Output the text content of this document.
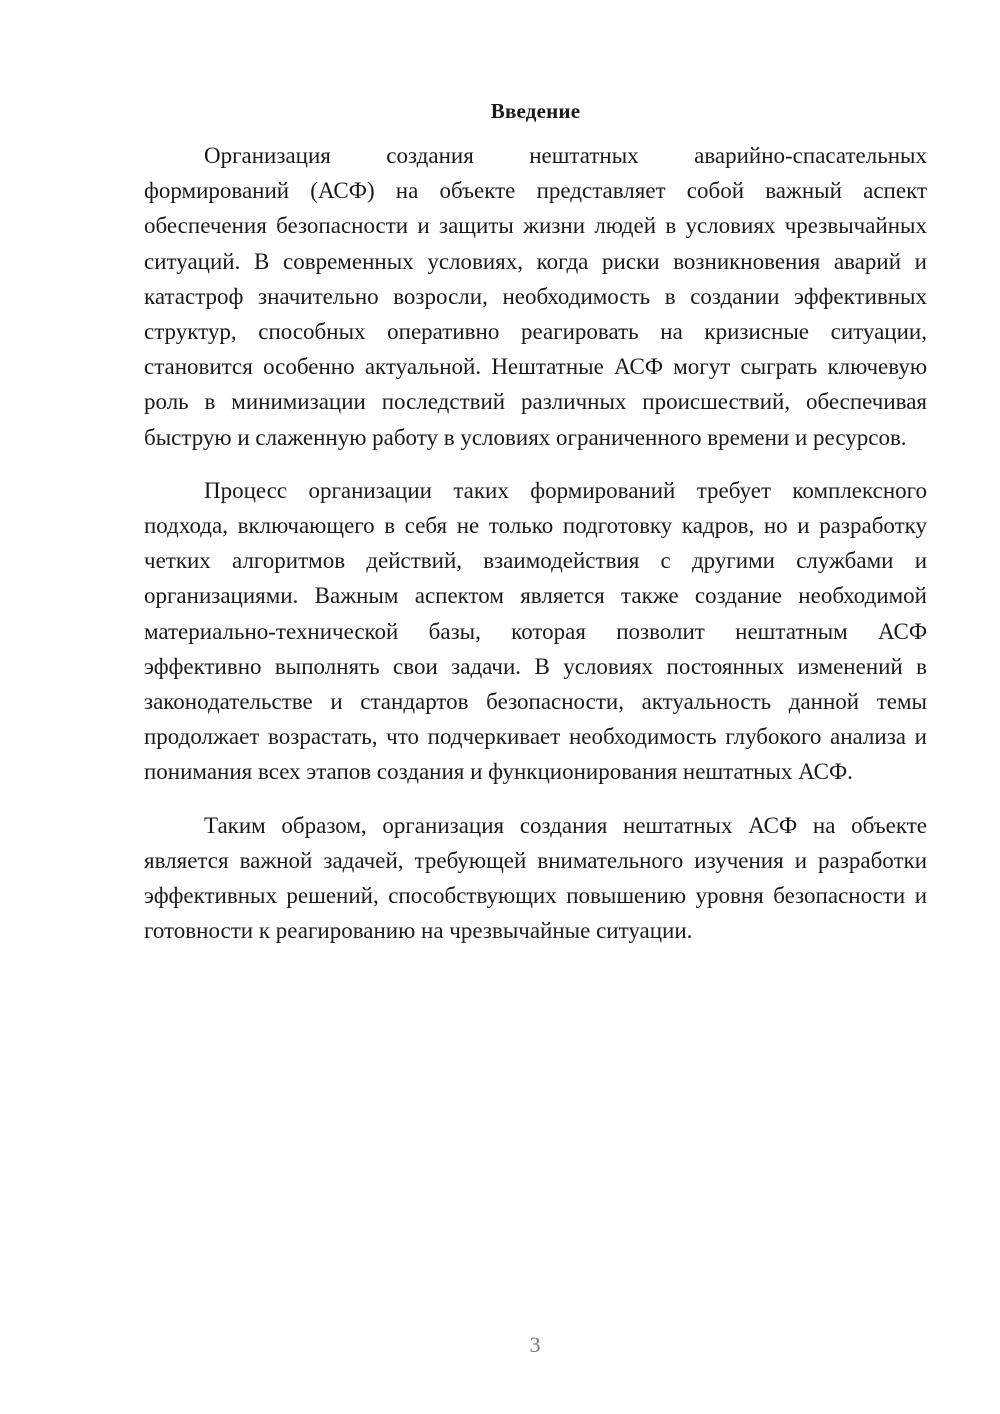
Введение

Организация создания нештатных аварийно-спасательных формирований (АСФ) на объекте представляет собой важный аспект обеспечения безопасности и защиты жизни людей в условиях чрезвычайных ситуаций. В современных условиях, когда риски возникновения аварий и катастроф значительно возросли, необходимость в создании эффективных структур, способных оперативно реагировать на кризисные ситуации, становится особенно актуальной. Нештатные АСФ могут сыграть ключевую роль в минимизации последствий различных происшествий, обеспечивая быструю и слаженную работу в условиях ограниченного времени и ресурсов.

Процесс организации таких формирований требует комплексного подхода, включающего в себя не только подготовку кадров, но и разработку четких алгоритмов действий, взаимодействия с другими службами и организациями. Важным аспектом является также создание необходимой материально-технической базы, которая позволит нештатным АСФ эффективно выполнять свои задачи. В условиях постоянных изменений в законодательстве и стандартов безопасности, актуальность данной темы продолжает возрастать, что подчеркивает необходимость глубокого анализа и понимания всех этапов создания и функционирования нештатных АСФ.

Таким образом, организация создания нештатных АСФ на объекте является важной задачей, требующей внимательного изучения и разработки эффективных решений, способствующих повышению уровня безопасности и готовности к реагированию на чрезвычайные ситуации.

3
